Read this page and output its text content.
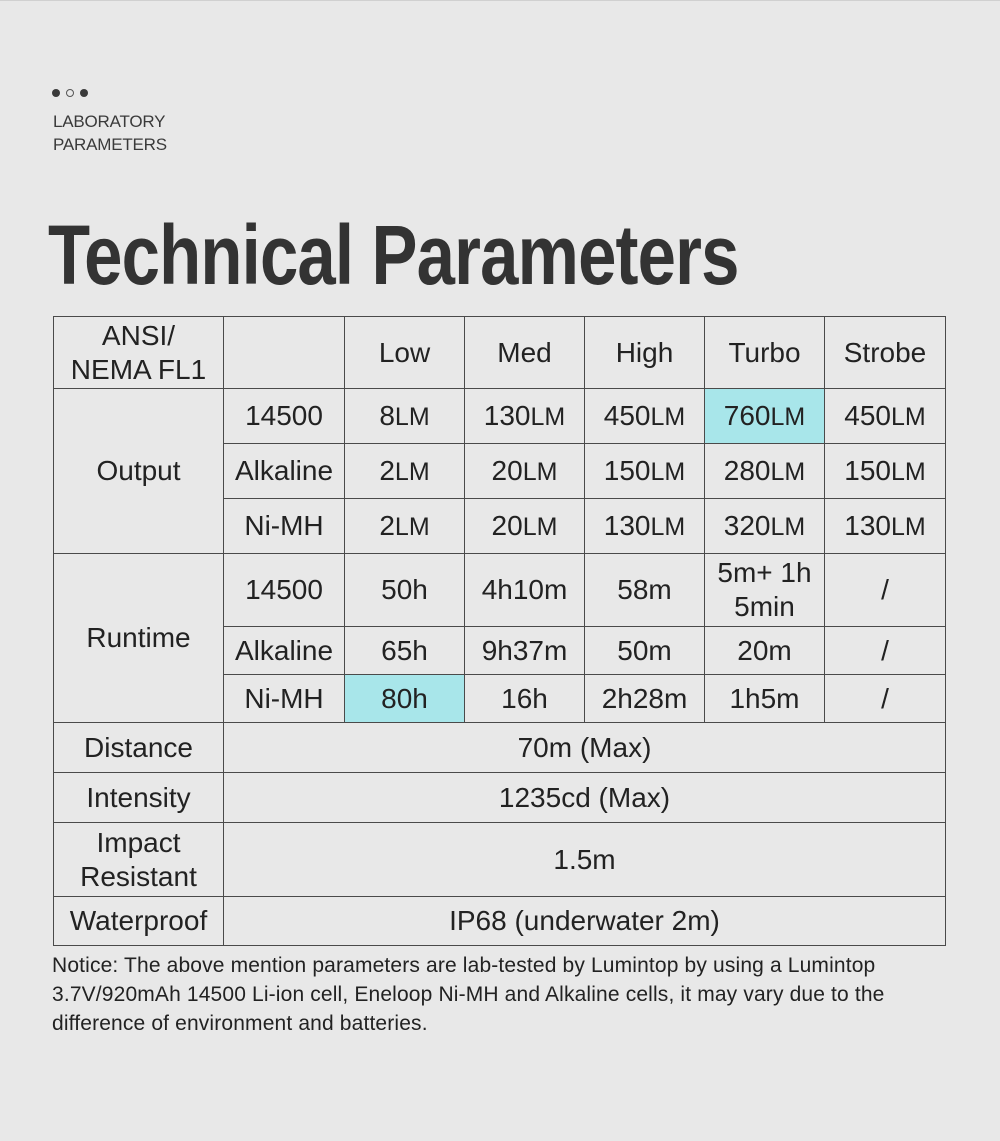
LABORATORY
PARAMETERS
Technical Parameters
ANSI/
NEMA FL1		Low	Med	High	Turbo	Strobe
Output	14500	8LM	130LM	450LM	760LM	450LM
	Alkaline	2LM	20LM	150LM	280LM	150LM
	Ni-MH	2LM	20LM	130LM	320LM	130LM
Runtime	14500	50h	4h10m	58m	5m+ 1h 5min	/
	Alkaline	65h	9h37m	50m	20m	/
	Ni-MH	80h	16h	2h28m	1h5m	/
Distance	70m (Max)					
Intensity	1235cd (Max)					
Impact Resistant	1.5m					
Waterproof	IP68 (underwater 2m)					

Notice: The above mention parameters are lab-tested by Lumintop by using a Lumintop 3.7V/920mAh 14500 Li-ion cell, Eneloop Ni-MH and Alkaline cells, it may vary due to the difference of environment and batteries.
